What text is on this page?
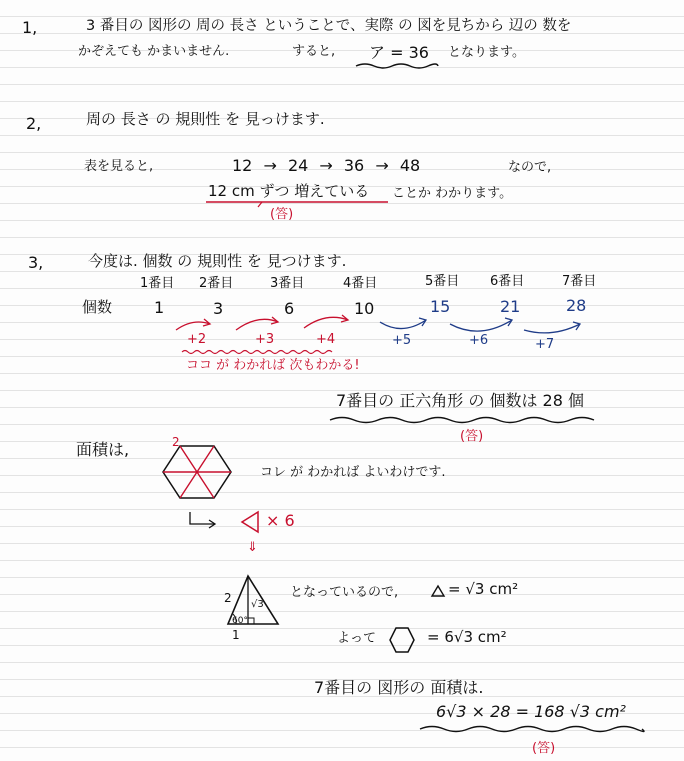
1,	3 番目の 図形の 周の 長さ ということで、実際 の 図を見ちから 辺の 数を
かぞえても かまいません.	すると, ア = 36 となります。
2,	周の 長さ の 規則性 を 見っけます.
表を見ると,	12 → 24 → 36 → 48	なので,
12 cm ずつ 増えている ことか わかります。
(答)
3,	今度は. 個数 の 規則性 を 見つけます.
1番目 2番目	3番目	4番目	5番目 6番目	7番目
個数	1	3	6	10	15	21	28
+2	+3	+4	+5	+6	+7
ココ が わかれば 次もわかる!
7番目の 正六角形 の 個数は 28 個
(答)
面積は,	2
コレ が わかれば よいわけです.
× 6
⇓
2 √3
60°
1
となっているので,	= √3 cm²
よって	= 6√3 cm²
7番目の 図形の 面積は.
6√3 × 28 = 168 √3 cm²
(答)
